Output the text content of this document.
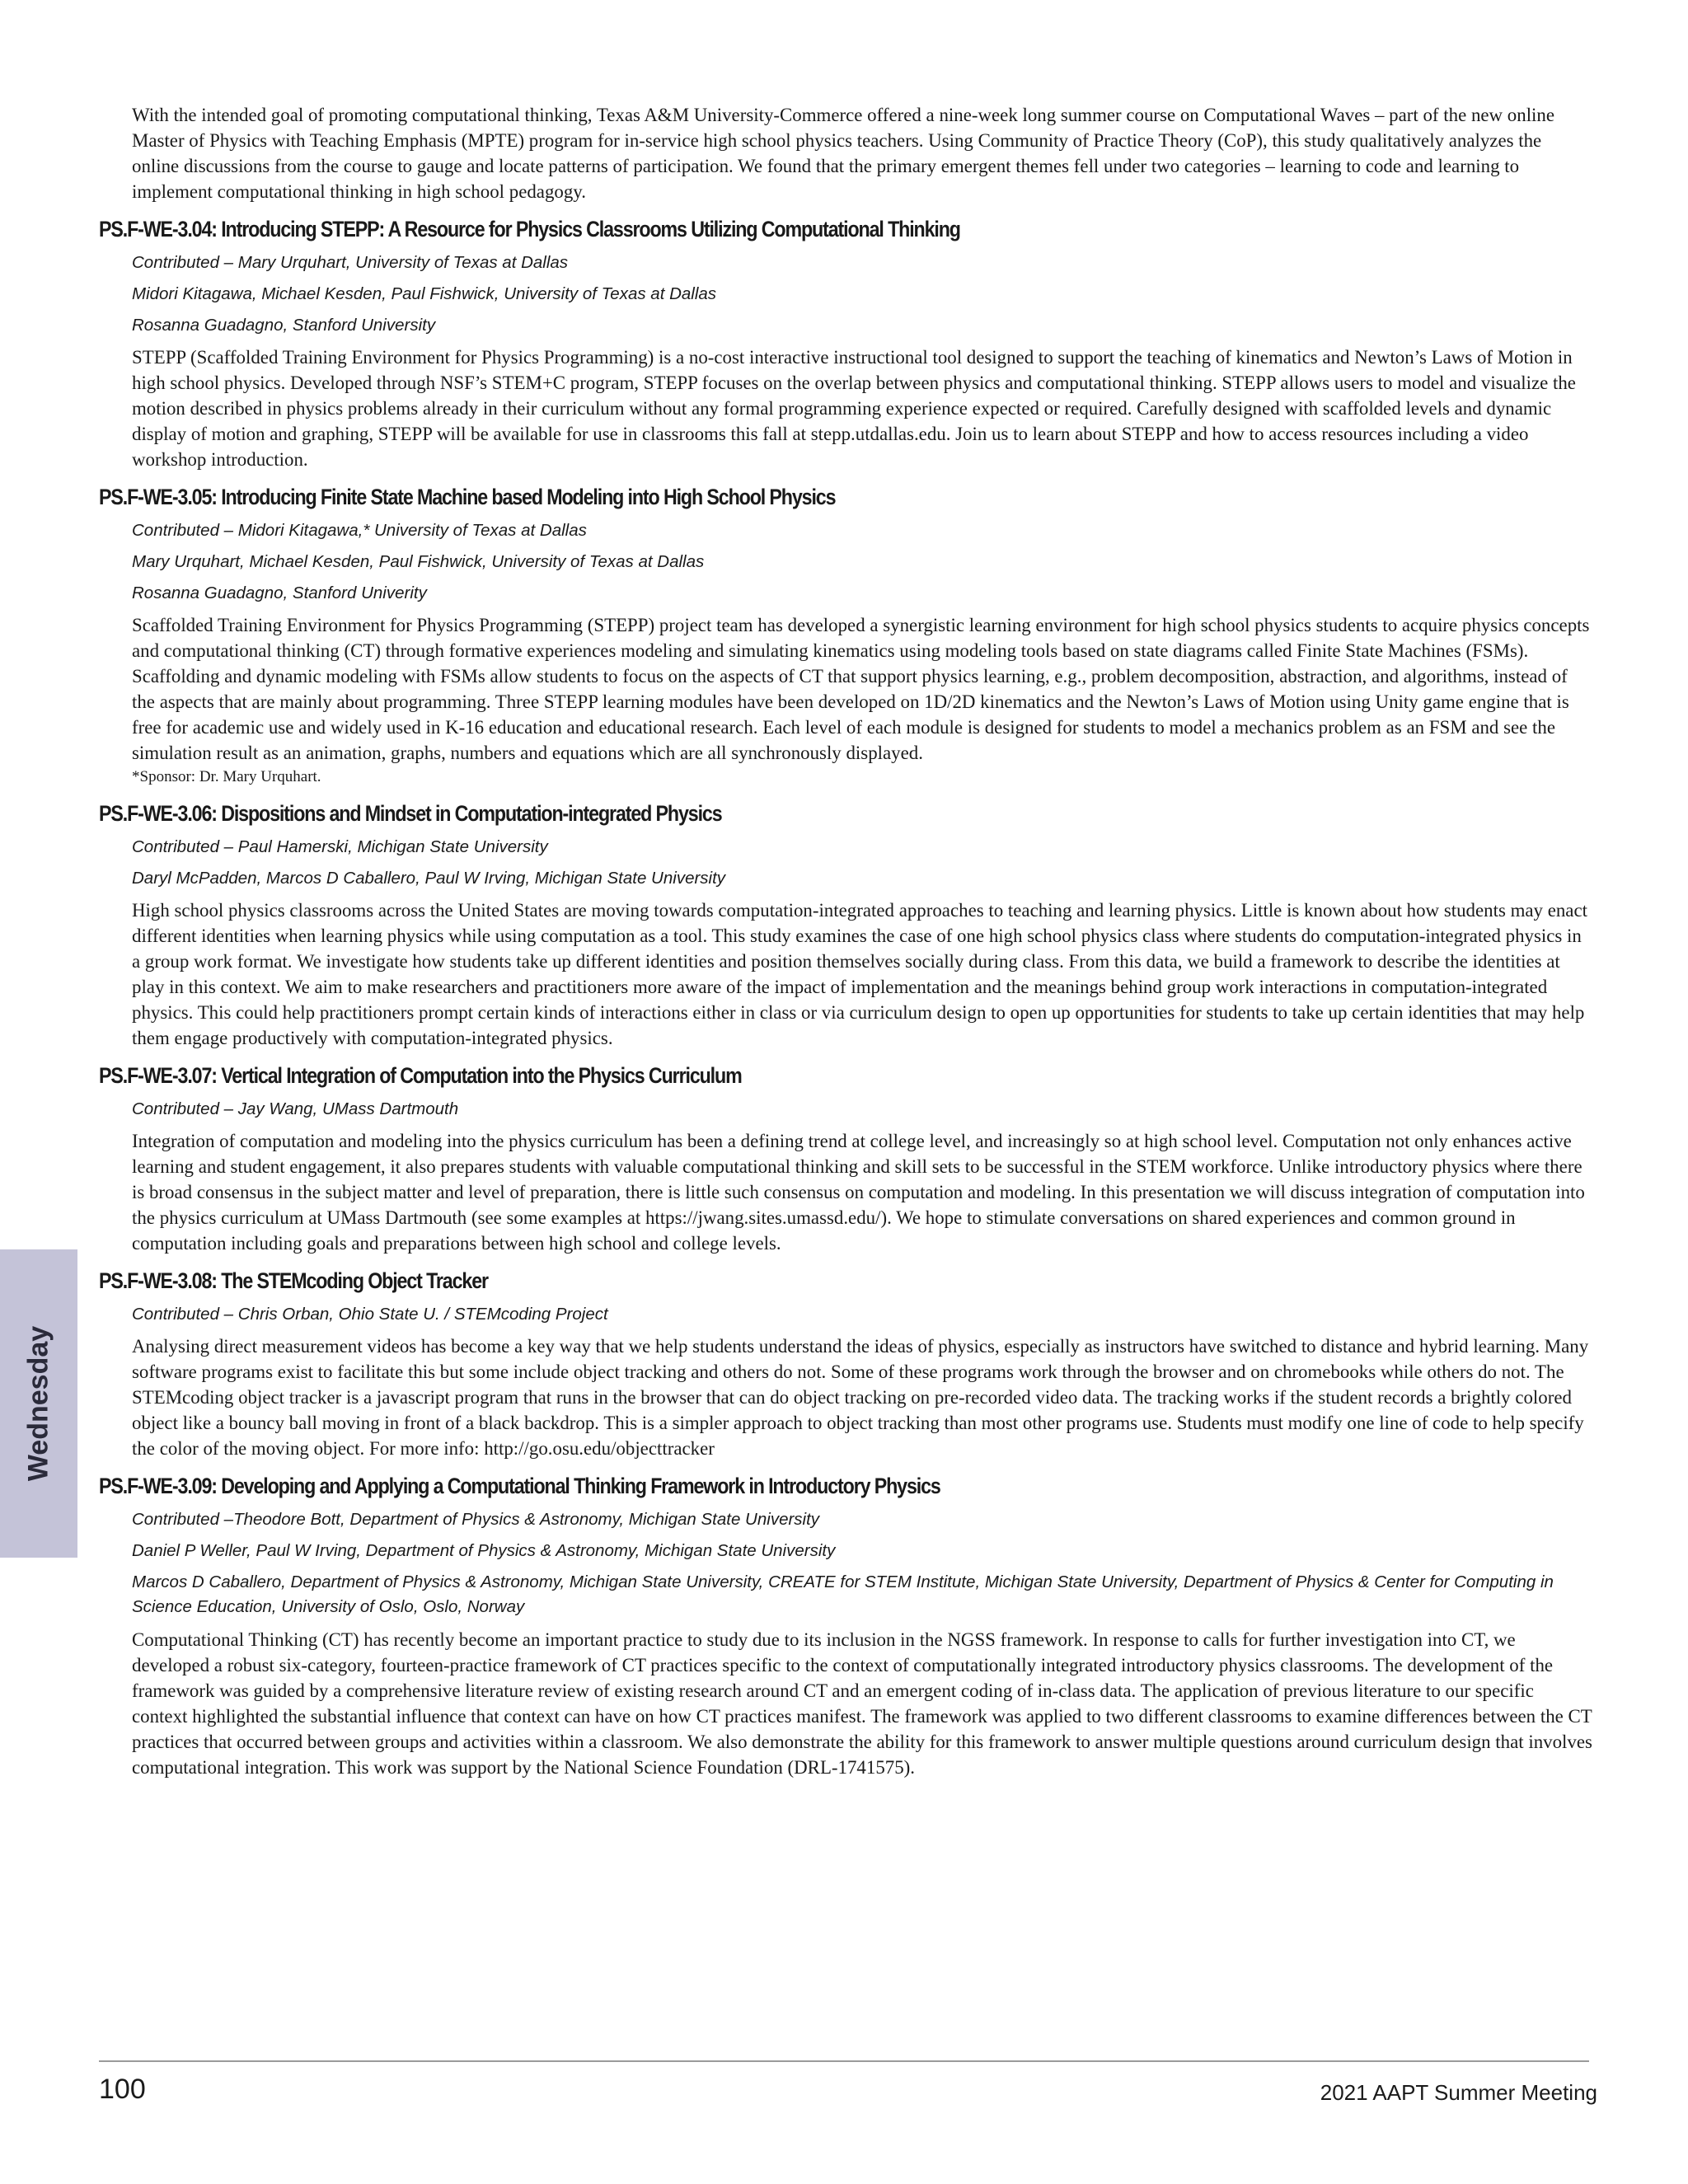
With the intended goal of promoting computational thinking, Texas A&M University-Commerce offered a nine-week long summer course on Computational Waves – part of the new online Master of Physics with Teaching Emphasis (MPTE) program for in-service high school physics teachers. Using Community of Practice Theory (CoP), this study qualitatively analyzes the online discussions from the course to gauge and locate patterns of participation. We found that the primary emergent themes fell under two categories – learning to code and learning to implement computational thinking in high school pedagogy.

PS.F-WE-3.04: Introducing STEPP: A Resource for Physics Classrooms Utilizing Computational Thinking
Contributed – Mary Urquhart, University of Texas at Dallas
Midori Kitagawa, Michael Kesden, Paul Fishwick, University of Texas at Dallas
Rosanna Guadagno, Stanford University

STEPP (Scaffolded Training Environment for Physics Programming) is a no-cost interactive instructional tool designed to support the teaching of kinematics and Newton’s Laws of Motion in high school physics. Developed through NSF’s STEM+C program, STEPP focuses on the overlap between physics and computational thinking. STEPP allows users to model and visualize the motion described in physics problems already in their curriculum without any formal programming experience expected or required. Carefully designed with scaffolded levels and dynamic display of motion and graphing, STEPP will be available for use in classrooms this fall at stepp.utdallas.edu. Join us to learn about STEPP and how to access resources including a video workshop introduction.

PS.F-WE-3.05: Introducing Finite State Machine based Modeling into High School Physics
Contributed – Midori Kitagawa,* University of Texas at Dallas
Mary Urquhart, Michael Kesden, Paul Fishwick, University of Texas at Dallas
Rosanna Guadagno, Stanford Univerity

Scaffolded Training Environment for Physics Programming (STEPP) project team has developed a synergistic learning environment for high school physics students to acquire physics concepts and computational thinking (CT) through formative experiences modeling and simulating kinematics using modeling tools based on state diagrams called Finite State Machines (FSMs). Scaffolding and dynamic modeling with FSMs allow students to focus on the aspects of CT that support physics learning, e.g., problem decomposition, abstraction, and algorithms, instead of the aspects that are mainly about programming. Three STEPP learning modules have been developed on 1D/2D kinematics and the Newton’s Laws of Motion using Unity game engine that is free for academic use and widely used in K-16 education and educational research. Each level of each module is designed for students to model a mechanics problem as an FSM and see the simulation result as an animation, graphs, numbers and equations which are all synchronously displayed.

*Sponsor: Dr. Mary Urquhart.
PS.F-WE-3.06: Dispositions and Mindset in Computation-integrated Physics
Contributed – Paul Hamerski, Michigan State University
Daryl McPadden, Marcos D Caballero, Paul W Irving, Michigan State University

High school physics classrooms across the United States are moving towards computation-integrated approaches to teaching and learning physics. Little is known about how students may enact different identities when learning physics while using computation as a tool. This study examines the case of one high school physics class where students do computation-integrated physics in a group work format. We investigate how students take up different identities and position themselves socially during class. From this data, we build a framework to describe the identities at play in this context. We aim to make researchers and practitioners more aware of the impact of implementation and the meanings behind group work interactions in computation-integrated physics. This could help practitioners prompt certain kinds of interactions either in class or via curriculum design to open up opportunities for students to take up certain identities that may help them engage productively with computation-integrated physics.

PS.F-WE-3.07: Vertical Integration of Computation into the Physics Curriculum
Contributed – Jay Wang, UMass Dartmouth

Integration of computation and modeling into the physics curriculum has been a defining trend at college level, and increasingly so at high school level. Computation not only enhances active learning and student engagement, it also prepares students with valuable computational thinking and skill sets to be successful in the STEM workforce. Unlike introductory physics where there is broad consensus in the subject matter and level of preparation, there is little such consensus on computation and modeling. In this presentation we will discuss integration of computation into the physics curriculum at UMass Dartmouth (see some examples at https://jwang.sites.umassd.edu/). We hope to stimulate conversations on shared experiences and common ground in computation including goals and preparations between high school and college levels.

PS.F-WE-3.08: The STEMcoding Object Tracker
Contributed – Chris Orban, Ohio State U. / STEMcoding Project

Analysing direct measurement videos has become a key way that we help students understand the ideas of physics, especially as instructors have switched to distance and hybrid learning. Many software programs exist to facilitate this but some include object tracking and others do not. Some of these programs work through the browser and on chromebooks while others do not. The STEMcoding object tracker is a javascript program that runs in the browser that can do object tracking on pre-recorded video data. The tracking works if the student records a brightly colored object like a bouncy ball moving in front of a black backdrop. This is a simpler approach to object tracking than most other programs use. Students must modify one line of code to help specify the color of the moving object. For more info: http://go.osu.edu/objecttracker

PS.F-WE-3.09: Developing and Applying a Computational Thinking Framework in Introductory Physics
Contributed –Theodore Bott, Department of Physics & Astronomy, Michigan State University
Daniel P Weller, Paul W Irving, Department of Physics & Astronomy, Michigan State University
Marcos D Caballero, Department of Physics & Astronomy, Michigan State University, CREATE for STEM Institute, Michigan State University, Department of Physics & Center for Computing in Science Education, University of Oslo, Oslo, Norway

Computational Thinking (CT) has recently become an important practice to study due to its inclusion in the NGSS framework. In response to calls for further investigation into CT, we developed a robust six-category, fourteen-practice framework of CT practices specific to the context of computationally integrated introductory physics classrooms. The development of the framework was guided by a comprehensive literature review of existing research around CT and an emergent coding of in-class data. The application of previous literature to our specific context highlighted the substantial influence that context can have on how CT practices manifest. The framework was applied to two different classrooms to examine differences between the CT practices that occurred between groups and activities within a classroom. We also demonstrate the ability for this framework to answer multiple questions around curriculum design that involves computational integration. This work was support by the National Science Foundation (DRL-1741575).

Wednesday
100	2021 AAPT Summer Meeting
